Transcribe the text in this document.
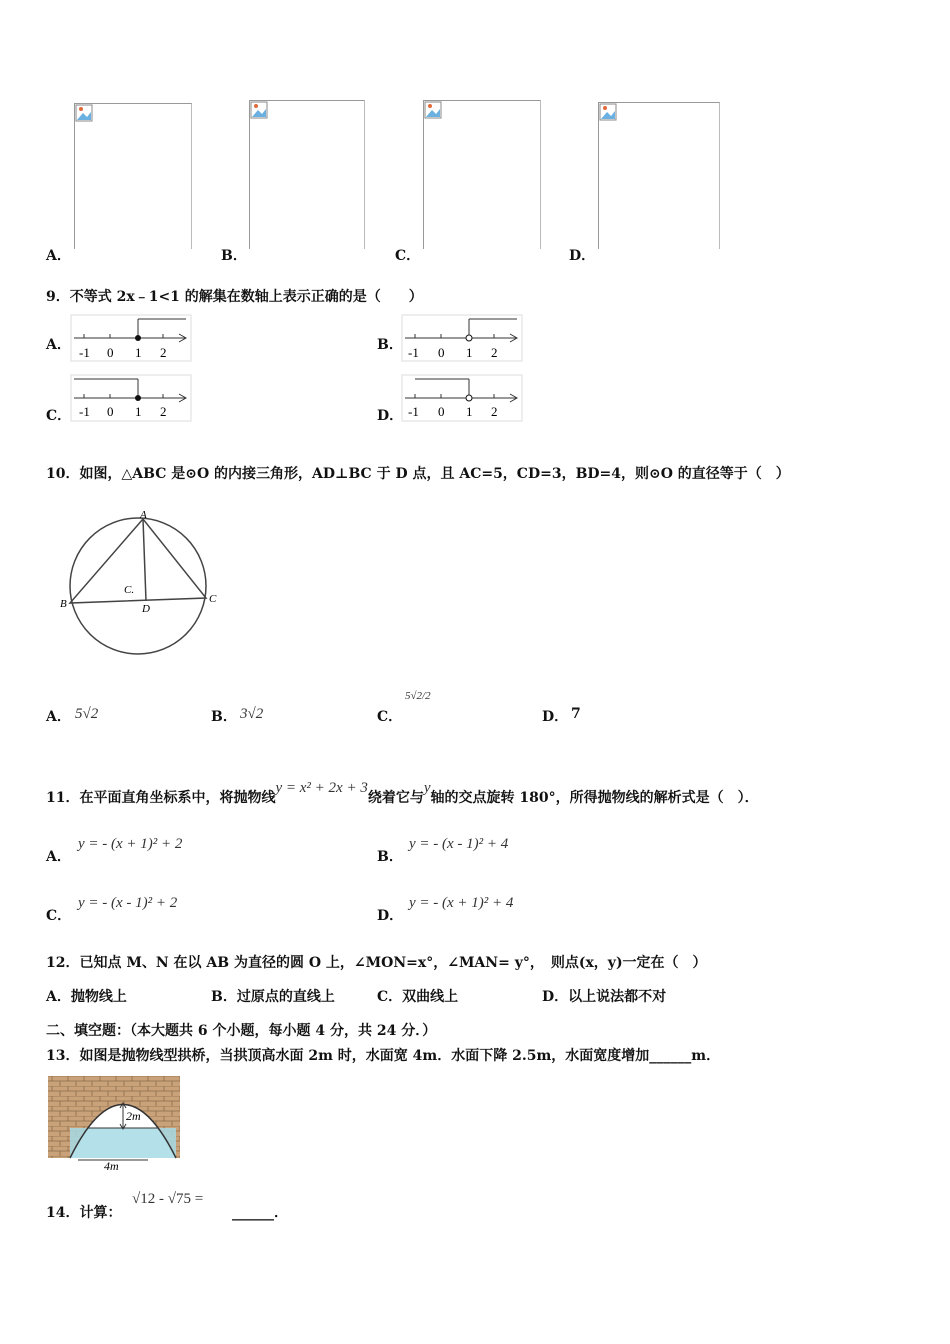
A．	B．	C．	D．
9．不等式 2x﹣1<1 的解集在数轴上表示正确的是（　　）
A． -1 0 1 2	B． -1 0 1 2
C． -1 0 1 2	D． -1 0 1 2
10．如图，△ABC 是⊙O 的内接三角形，AD⊥BC 于 D 点，且 AC=5，CD=3，BD=4，则⊙O 的直径等于（　）
A
B	C
D
C.
A． 5√2	B． 3√2	C．
5√2/2
D． 7
11．在平面直角坐标系中，将抛物线y = x² + 2x + 3绕着它与y轴的交点旋转 180°，所得抛物线的解析式是（　）．
A．
y = - (x + 1)² + 2
B．
y = - (x - 1)² + 4
C．
y = - (x - 1)² + 2
D．
y = - (x + 1)² + 4
12．已知点 M、N 在以 AB 为直径的圆 O 上，∠MON=x°，∠MAN= y°，　则点(x，y)一定在（　）
A．抛物线上	B．过原点的直线上	C．双曲线上	D．以上说法都不对
二、填空题：（本大题共 6 个小题，每小题 4 分，共 24 分．）
13．如图是抛物线型拱桥，当拱顶高水面 2m 时，水面宽 4m．水面下降 2.5m，水面宽度增加______m．
2m
4m
14．计算：
√12 - √75 =
______．
